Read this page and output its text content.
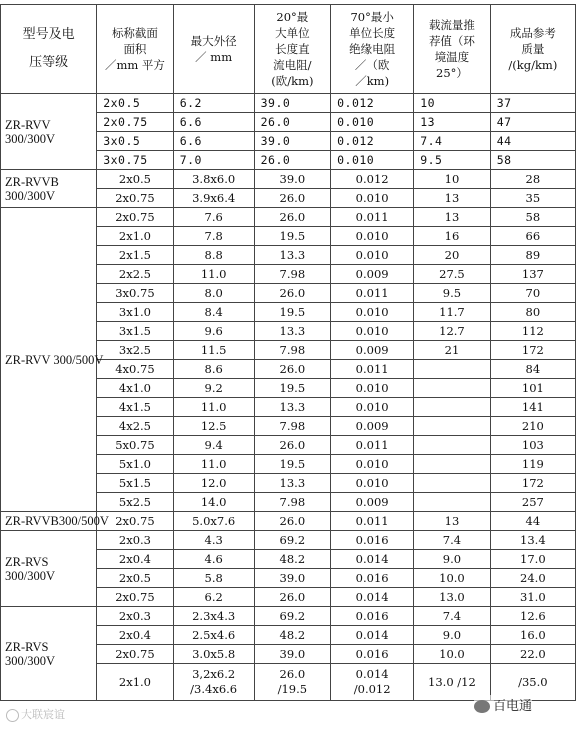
型号及电
压等级	标称截面
面积
／mm 平方	最大外径
／ mm	20°最
大单位
长度直
流电阻/
(欧/km)	70°最小
单位长度
绝缘电阻
／（欧
／km)	载流量推
荐值（环
境温度
25°）	成品参考
质量
/(kg/km)

ZR-RVV
300/300V	2x0.5	6.2	39.0	0.012	10	37
	2x0.75	6.6	26.0	0.010	13	47
	3x0.5	6.6	39.0	0.012	7.4	44
	3x0.75	7.0	26.0	0.010	9.5	58

ZR-RVVB
300/300V	2x0.5	3.8x6.0	39.0	0.012	10	28
	2x0.75	3.9x6.4	26.0	0.010	13	35

ZR-RVV 300/500V	2x0.75	7.6	26.0	0.011	13	58
	2x1.0	7.8	19.5	0.010	16	66
	2x1.5	8.8	13.3	0.010	20	89
	2x2.5	11.0	7.98	0.009	27.5	137
	3x0.75	8.0	26.0	0.011	9.5	70
	3x1.0	8.4	19.5	0.010	11.7	80
	3x1.5	9.6	13.3	0.010	12.7	112
	3x2.5	11.5	7.98	0.009	21	172
	4x0.75	8.6	26.0	0.011		84
	4x1.0	9.2	19.5	0.010		101
	4x1.5	11.0	13.3	0.010		141
	4x2.5	12.5	7.98	0.009		210
	5x0.75	9.4	26.0	0.011		103
	5x1.0	11.0	19.5	0.010		119
	5x1.5	12.0	13.3	0.010		172
	5x2.5	14.0	7.98	0.009		257

ZR-RVVB300/500V	2x0.75	5.0x7.6	26.0	0.011	13	44

ZR-RVS
300/300V	2x0.3	4.3	69.2	0.016	7.4	13.4
	2x0.4	4.6	48.2	0.014	9.0	17.0
	2x0.5	5.8	39.0	0.016	10.0	24.0
	2x0.75	6.2	26.0	0.014	13.0	31.0

ZR-RVS
300/300V	2x0.3	2.3x4.3	69.2	0.016	7.4	12.6
	2x0.4	2.5x4.6	48.2	0.014	9.0	16.0
	2x0.75	3.0x5.8	39.0	0.016	10.0	22.0
	2x1.0	3,2x6.2
/3.4x6.6	26.0
/19.5	0.014
/0.012	13.0 /12	/35.0
大联宸谊
百电通
